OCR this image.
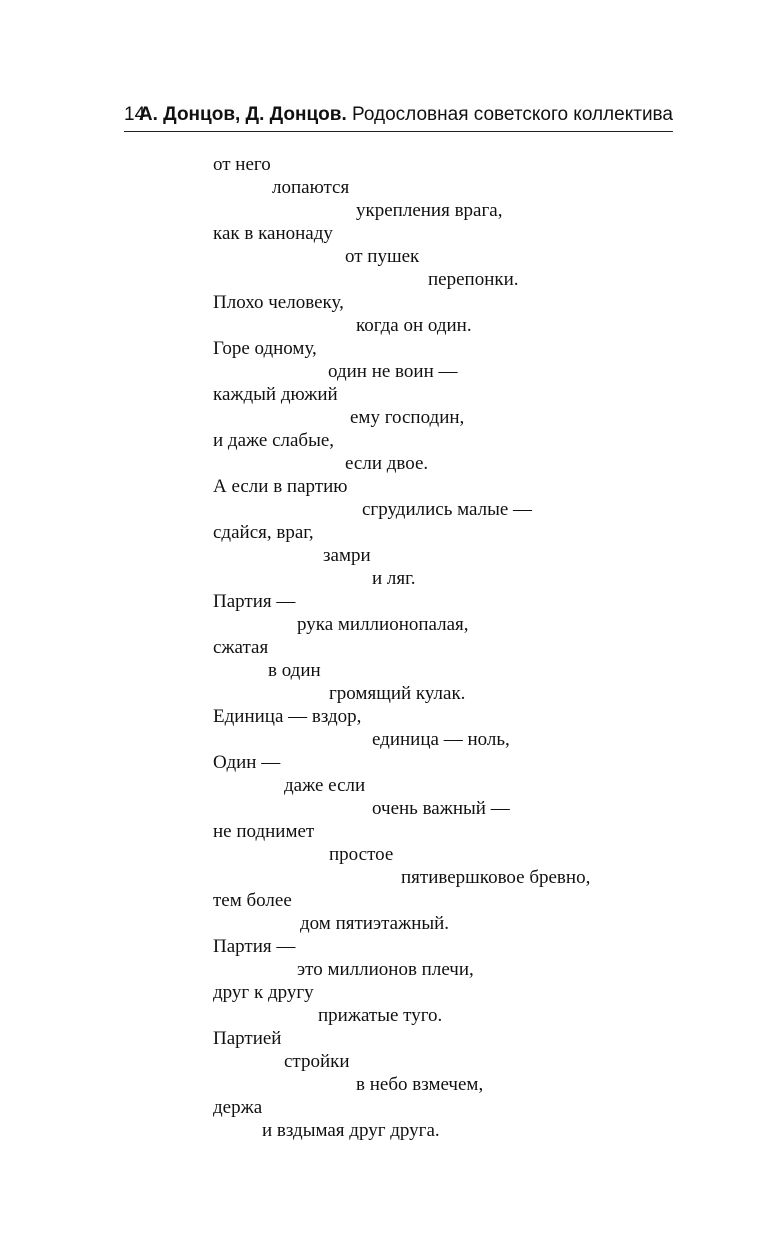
14
А. Донцов, Д. Донцов. Родословная советского коллектива
от него
лопаются
укрепления врага,
как в канонаду
от пушек
перепонки.
Плохо человеку,
когда он один.
Горе одному,
один не воин —
каждый дюжий
ему господин,
и даже слабые,
если двое.
А если в партию
сгрудились малые —
сдайся, враг,
замри
и ляг.
Партия —
рука миллионопалая,
сжатая
в один
громящий кулак.
Единица — вздор,
единица — ноль,
Один —
даже если
очень важный —
не поднимет
простое
пятивершковое бревно,
тем более
дом пятиэтажный.
Партия —
это миллионов плечи,
друг к другу
прижатые туго.
Партией
стройки
в небо взмечем,
держа
и вздымая друг друга.
